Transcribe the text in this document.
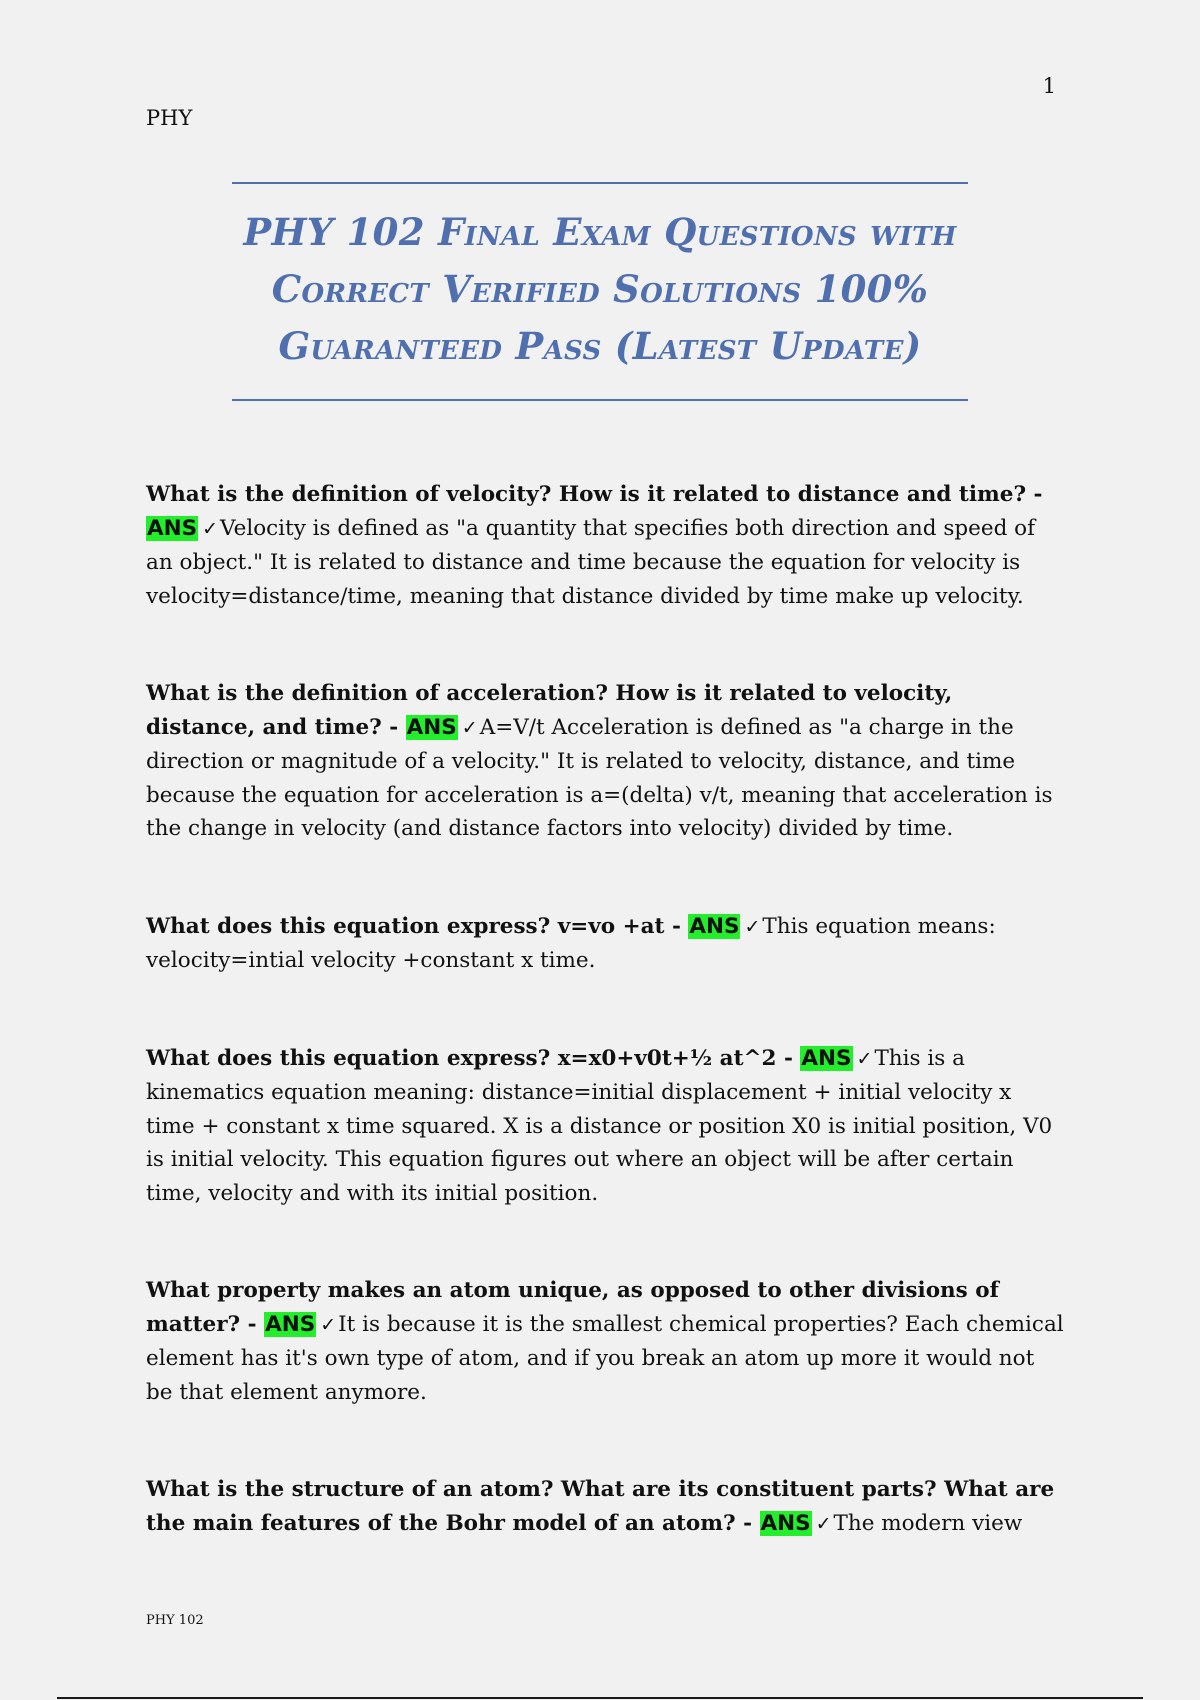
1
PHY
PHY 102 Final Exam Questions with
Correct Verified Solutions 100%
Guaranteed Pass (Latest Update)

What is the definition of velocity? How is it related to distance and time? - ANS ✓Velocity is defined as "a quantity that specifies both direction and speed of an object." It is related to distance and time because the equation for velocity is velocity=distance/time, meaning that distance divided by time make up velocity.

What is the definition of acceleration? How is it related to velocity, distance, and time? - ANS ✓A=V/t Acceleration is defined as "a charge in the direction or magnitude of a velocity." It is related to velocity, distance, and time because the equation for acceleration is a=(delta) v/t, meaning that acceleration is the change in velocity (and distance factors into velocity) divided by time.

What does this equation express? v=vo +at - ANS ✓This equation means: velocity=intial velocity +constant x time.

What does this equation express? x=x0+v0t+½ at^2 - ANS ✓This is a kinematics equation meaning: distance=initial displacement + initial velocity x time + constant x time squared. X is a distance or position X0 is initial position, V0 is initial velocity. This equation figures out where an object will be after certain time, velocity and with its initial position.

What property makes an atom unique, as opposed to other divisions of matter? - ANS ✓It is because it is the smallest chemical properties? Each chemical element has it's own type of atom, and if you break an atom up more it would not be that element anymore.

What is the structure of an atom? What are its constituent parts? What are the main features of the Bohr model of an atom? - ANS ✓The modern view

PHY 102
